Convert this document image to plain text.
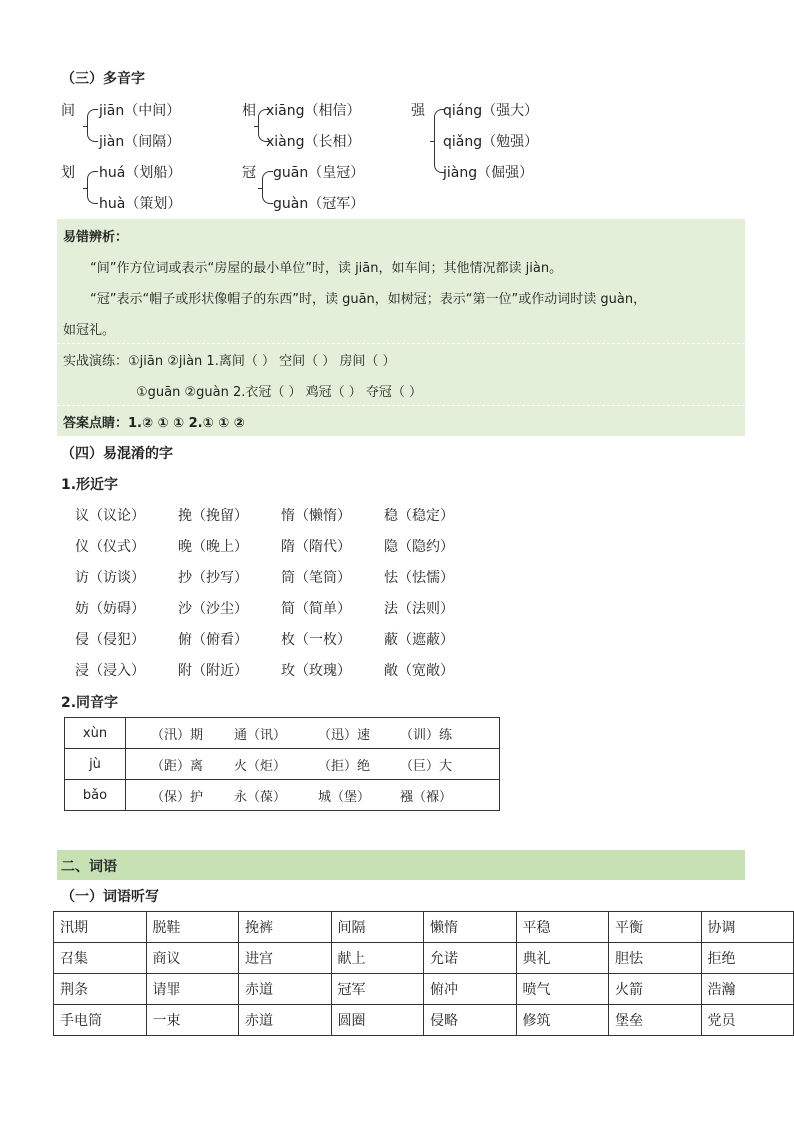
（三）多音字
间 jiān（中间）
jiàn（间隔）
相 xiāng（相信）
xiàng（长相）
强 qiáng（强大）
qiǎng（勉强）
jiàng（倔强）
划 huá（划船）
huà（策划）
冠 guān（皇冠）
guàn（冠军）
易错辨析：
“间”作方位词或表示“房屋的最小单位”时，读 jiān，如车间；其他情况都读 jiàn。
“冠”表示“帽子或形状像帽子的东西”时，读 guān，如树冠；表示“第一位”或作动词时读 guàn，
如冠礼。
实战演练：①jiān ②jiàn 1.离间（ ） 空间（ ） 房间（ ）
①guān ②guàn 2.衣冠（ ） 鸡冠（ ） 夺冠（ ）
答案点睛：1.② ① ① 2.① ① ②
（四）易混淆的字
1.形近字
议（议论） 挽（挽留） 惰（懒惰） 稳（稳定）
仪（仪式） 晚（晚上） 隋（隋代） 隐（隐约）
访（访谈） 抄（抄写） 筒（笔筒） 怯（怯懦）
妨（妨碍） 沙（沙尘） 简（简单） 法（法则）
侵（侵犯） 俯（俯看） 枚（一枚） 蔽（遮蔽）
浸（浸入） 附（附近） 玫（玫瑰） 敞（宽敞）
2.同音字
xùn	（汛）期 通（讯） （迅）速 （训）练
jù	（距）离 火（炬） （拒）绝 （巨）大
bǎo	（保）护 永（葆） 城（堡） 襁（褓）
二、词语
（一）词语听写
汛期	脱鞋	挽裤	间隔	懒惰	平稳	平衡	协调
召集	商议	进宫	献上	允诺	典礼	胆怯	拒绝
荆条	请罪	赤道	冠军	俯冲	喷气	火箭	浩瀚
手电筒	一束	赤道	圆圈	侵略	修筑	堡垒	党员
